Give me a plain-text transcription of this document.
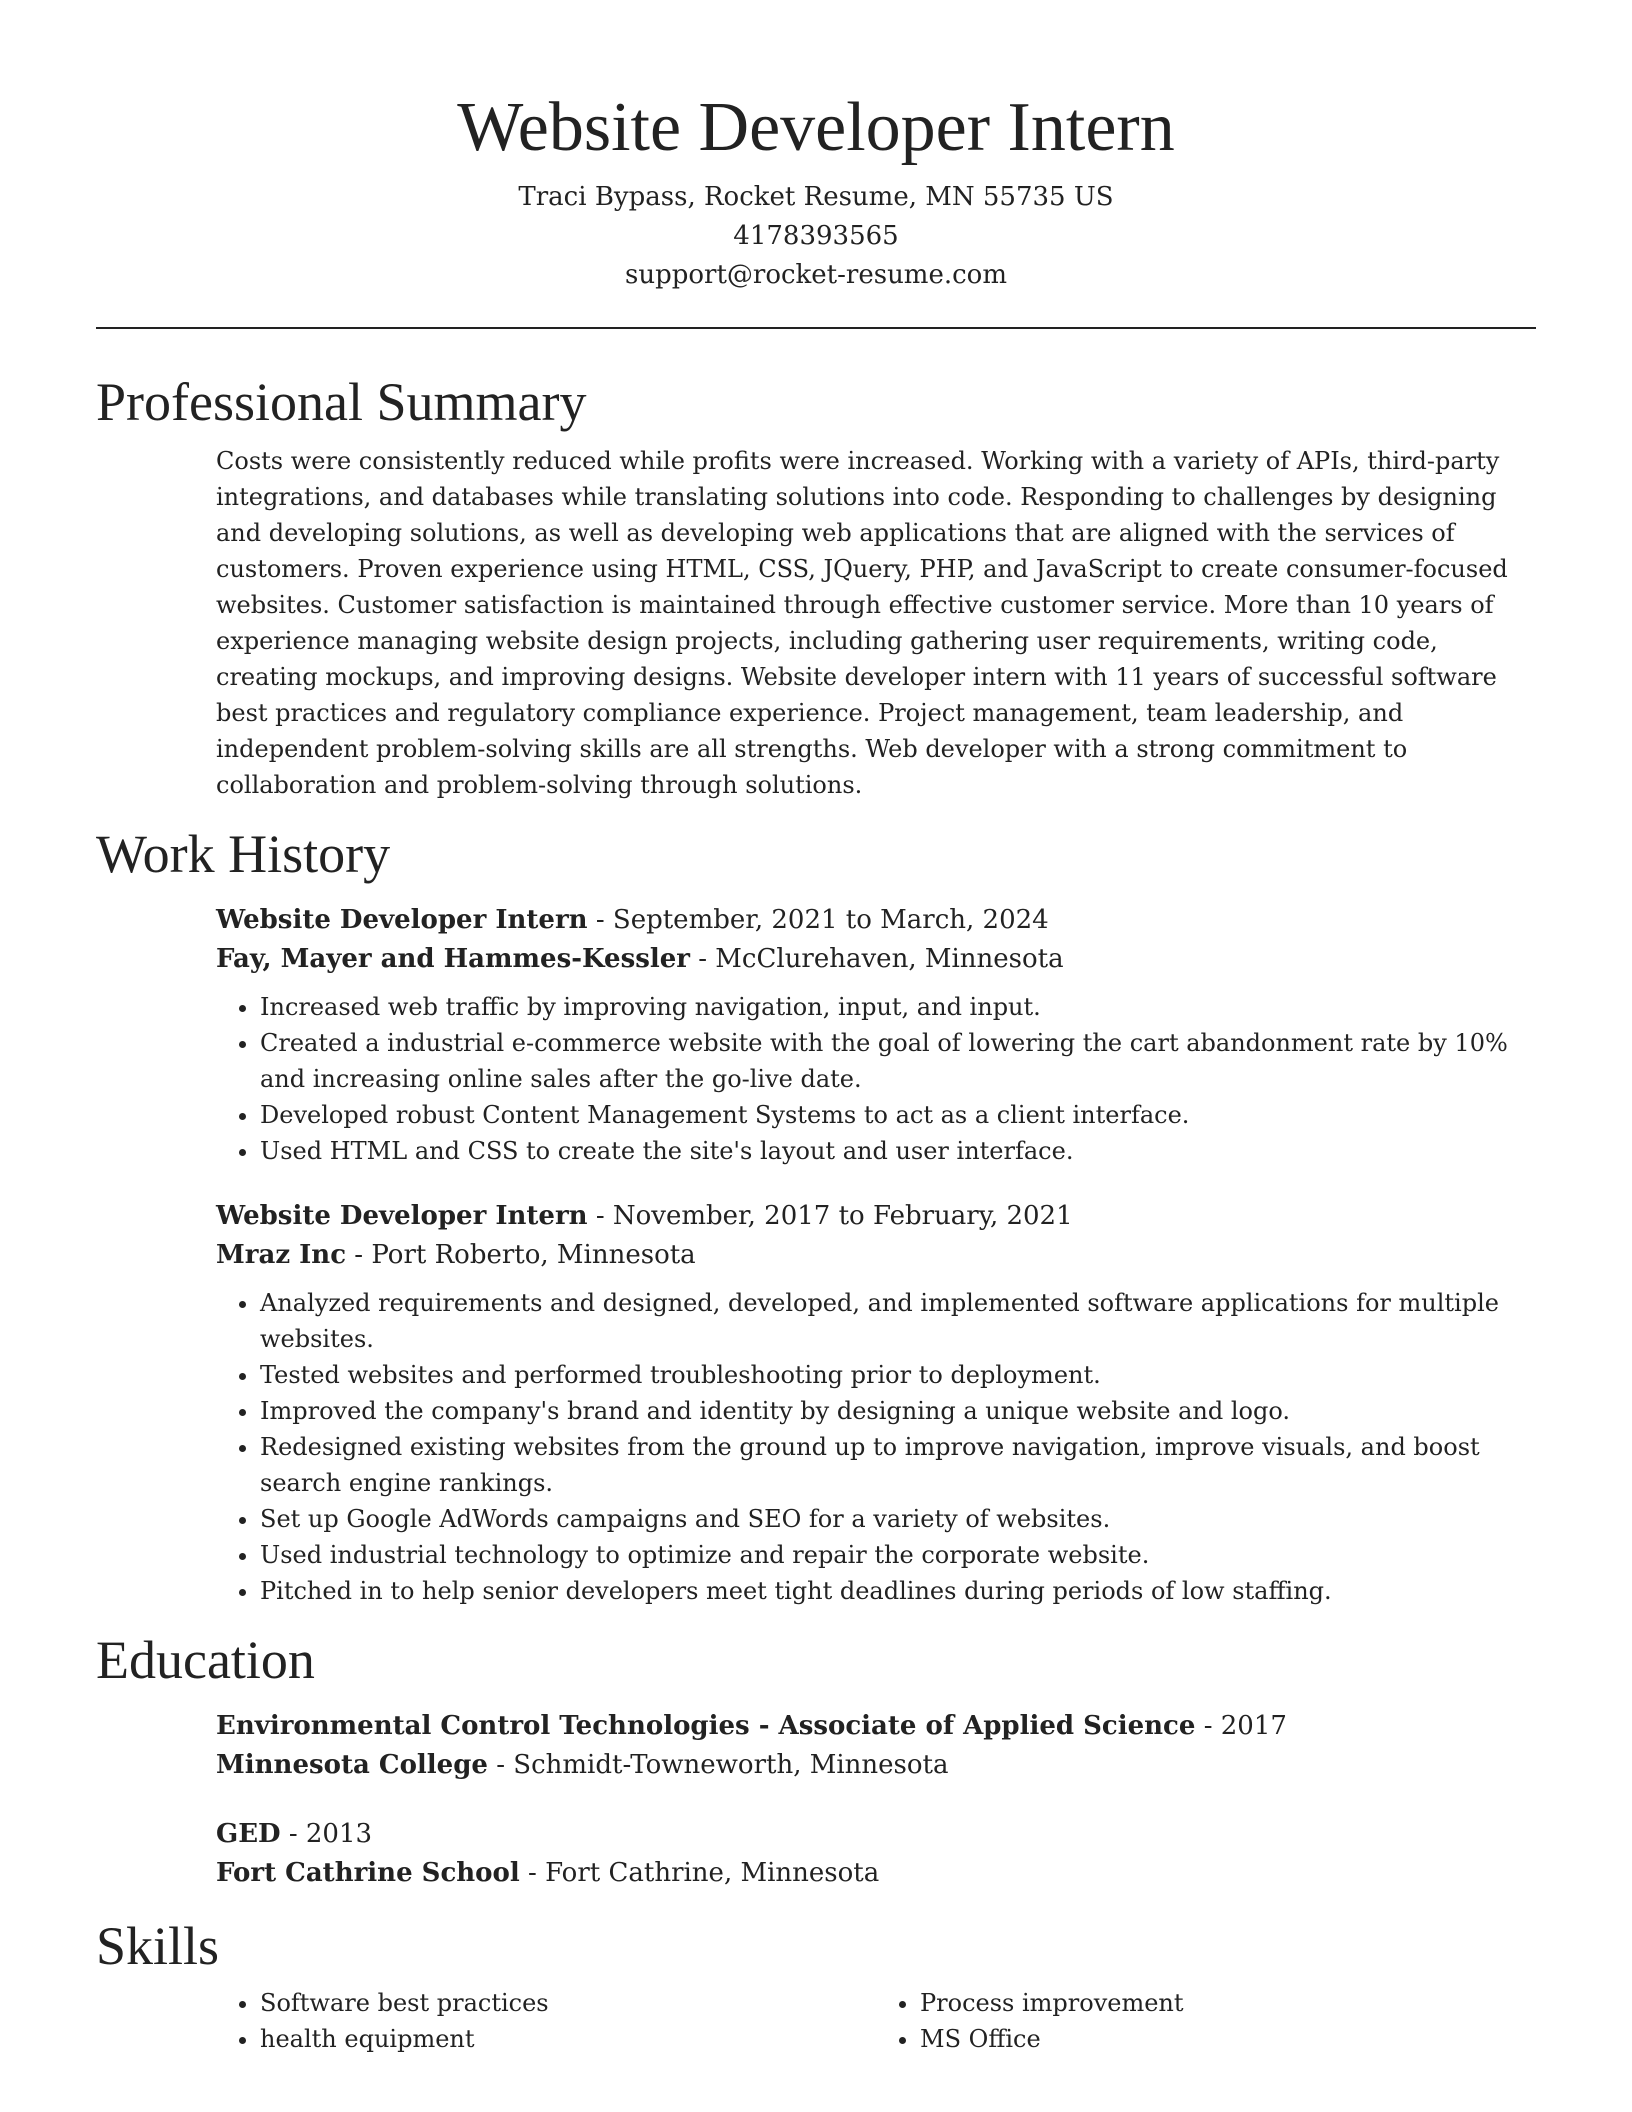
Website Developer Intern
Traci Bypass, Rocket Resume, MN 55735 US
4178393565
support@rocket-resume.com
Professional Summary

Costs were consistently reduced while profits were increased. Working with a variety of APIs, third-party integrations, and databases while translating solutions into code. Responding to challenges by designing and developing solutions, as well as developing web applications that are aligned with the services of customers. Proven experience using HTML, CSS, JQuery, PHP, and JavaScript to create consumer-focused websites. Customer satisfaction is maintained through effective customer service. More than 10 years of experience managing website design projects, including gathering user requirements, writing code, creating mockups, and improving designs. Website developer intern with 11 years of successful software best practices and regulatory compliance experience. Project management, team leadership, and independent problem-solving skills are all strengths. Web developer with a strong commitment to collaboration and problem-solving through solutions.

Work History
Website Developer Intern - September, 2021 to March, 2024
Fay, Mayer and Hammes-Kessler - McClurehaven, Minnesota
• Increased web traffic by improving navigation, input, and input.
• Created a industrial e-commerce website with the goal of lowering the cart abandonment rate by 10% and increasing online sales after the go-live date.
• Developed robust Content Management Systems to act as a client interface.
• Used HTML and CSS to create the site's layout and user interface.
Website Developer Intern - November, 2017 to February, 2021
Mraz Inc - Port Roberto, Minnesota
• Analyzed requirements and designed, developed, and implemented software applications for multiple websites.
• Tested websites and performed troubleshooting prior to deployment.
• Improved the company's brand and identity by designing a unique website and logo.
• Redesigned existing websites from the ground up to improve navigation, improve visuals, and boost search engine rankings.
• Set up Google AdWords campaigns and SEO for a variety of websites.
• Used industrial technology to optimize and repair the corporate website.
• Pitched in to help senior developers meet tight deadlines during periods of low staffing.
Education
Environmental Control Technologies - Associate of Applied Science - 2017
Minnesota College - Schmidt-Towneworth, Minnesota
GED - 2013
Fort Cathrine School - Fort Cathrine, Minnesota
Skills
• Software best practices
• health equipment
• Process improvement
• MS Office
